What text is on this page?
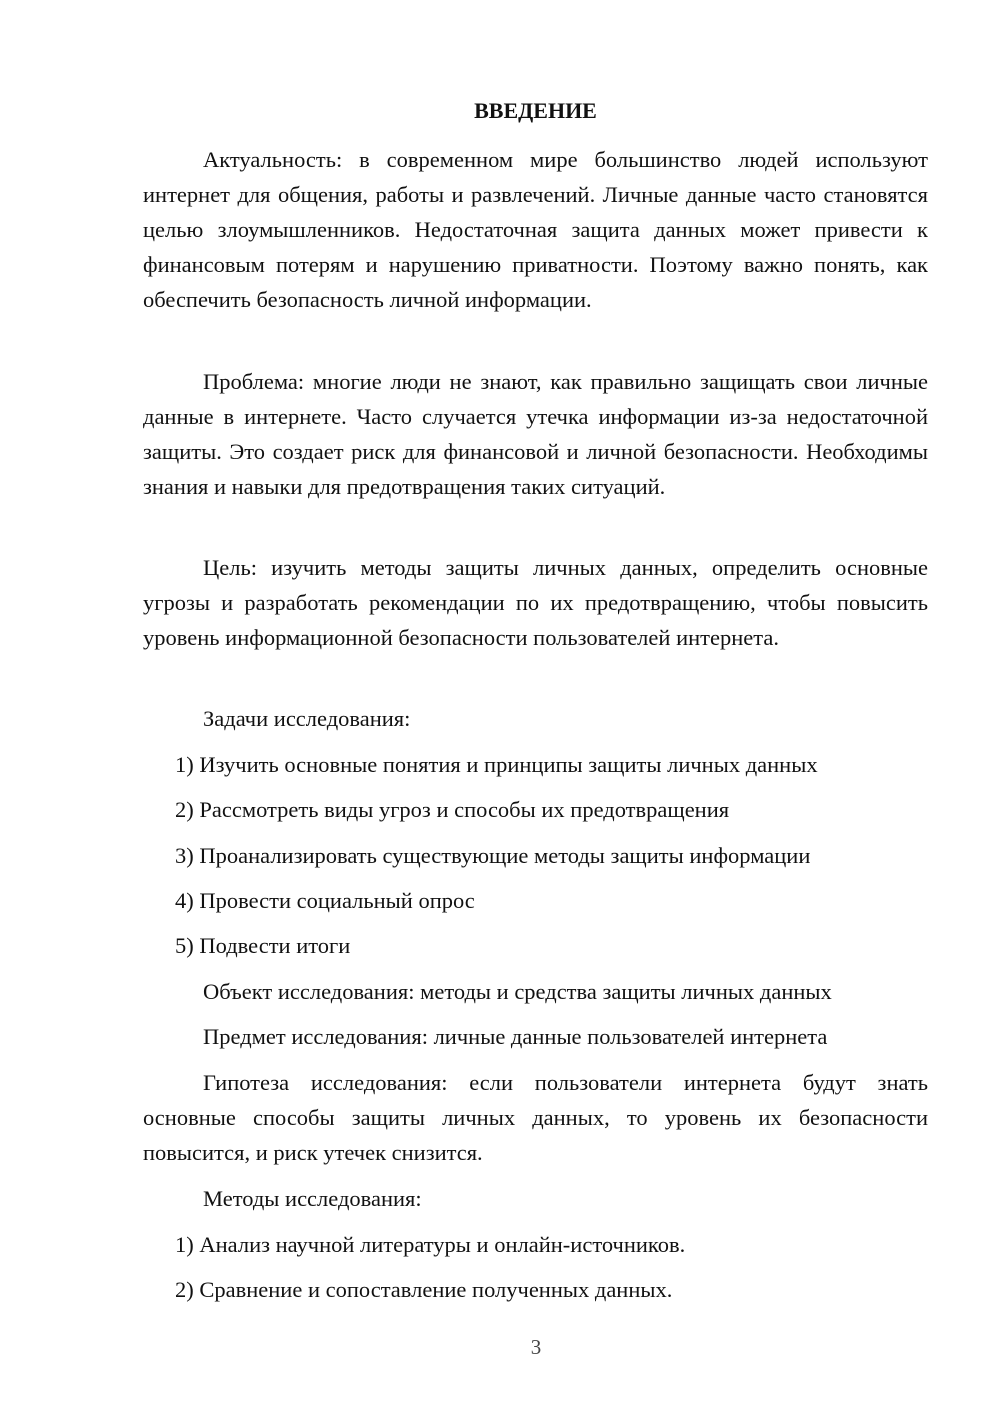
ВВЕДЕНИЕ

Актуальность: в современном мире большинство людей используют интернет для общения, работы и развлечений. Личные данные часто становятся целью злоумышленников. Недостаточная защита данных может привести к финансовым потерям и нарушению приватности. Поэтому важно понять, как обеспечить безопасность личной информации.

Проблема: многие люди не знают, как правильно защищать свои личные данные в интернете. Часто случается утечка информации из-за недостаточной защиты. Это создает риск для финансовой и личной безопасности. Необходимы знания и навыки для предотвращения таких ситуаций.

Цель: изучить методы защиты личных данных, определить основные угрозы и разработать рекомендации по их предотвращению, чтобы повысить уровень информационной безопасности пользователей интернета.

Задачи исследования:

1) Изучить основные понятия и принципы защиты личных данных

2) Рассмотреть виды угроз и способы их предотвращения

3) Проанализировать существующие методы защиты информации

4) Провести социальный опрос

5) Подвести итоги

Объект исследования: методы и средства защиты личных данных

Предмет исследования: личные данные пользователей интернета

Гипотеза исследования: если пользователи интернета будут знать основные способы защиты личных данных, то уровень их безопасности повысится, и риск утечек снизится.

Методы исследования:

1) Анализ научной литературы и онлайн-источников.

2) Сравнение и сопоставление полученных данных.

3
